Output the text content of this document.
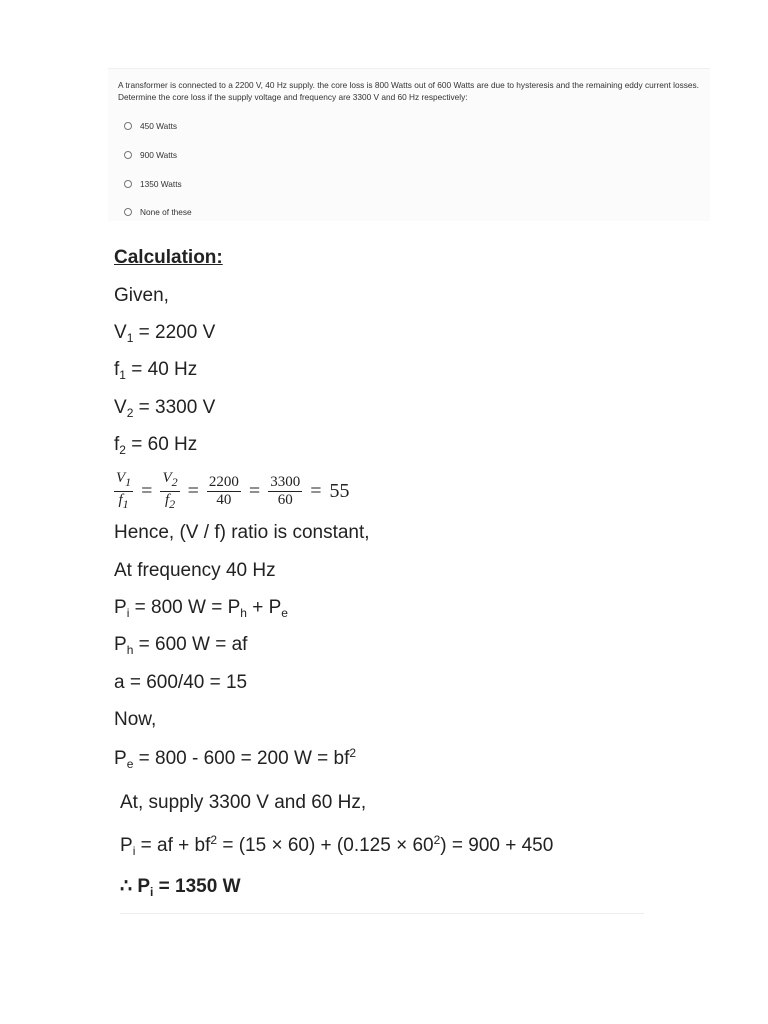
A transformer is connected to a 2200 V, 40 Hz supply. the core loss is 800 Watts out of 600 Watts are due to hysteresis and the remaining eddy current losses. Determine the core loss if the supply voltage and frequency are 3300 V and 60 Hz respectively:
450 Watts
900 Watts
1350 Watts
None of these
Calculation:
Given,
$V_1 = 2200$ V
$f_1 = 40$ Hz
$V_2 = 3300$ V
$f_2 = 60$ Hz
$\frac{V_1}{f_1} = \frac{V_2}{f_2} = \frac{2200}{40} = \frac{3300}{60} = 55$
Hence, (V / f) ratio is constant,
At frequency 40 Hz
$P_i = 800$ $W = P_h + P_e$
$P_h = 600$ W = af
a = 600/40 = 15
Now,
$P_e = 800 - 600 = 200$ $W = bf^2$
At, supply 3300 V and 60 Hz,
$P_i$ = af + $bf^2 = (15 \times 60) + (0.125 \times 60^2) = 900 + 450$
∴ $P_i = 1350$ W
